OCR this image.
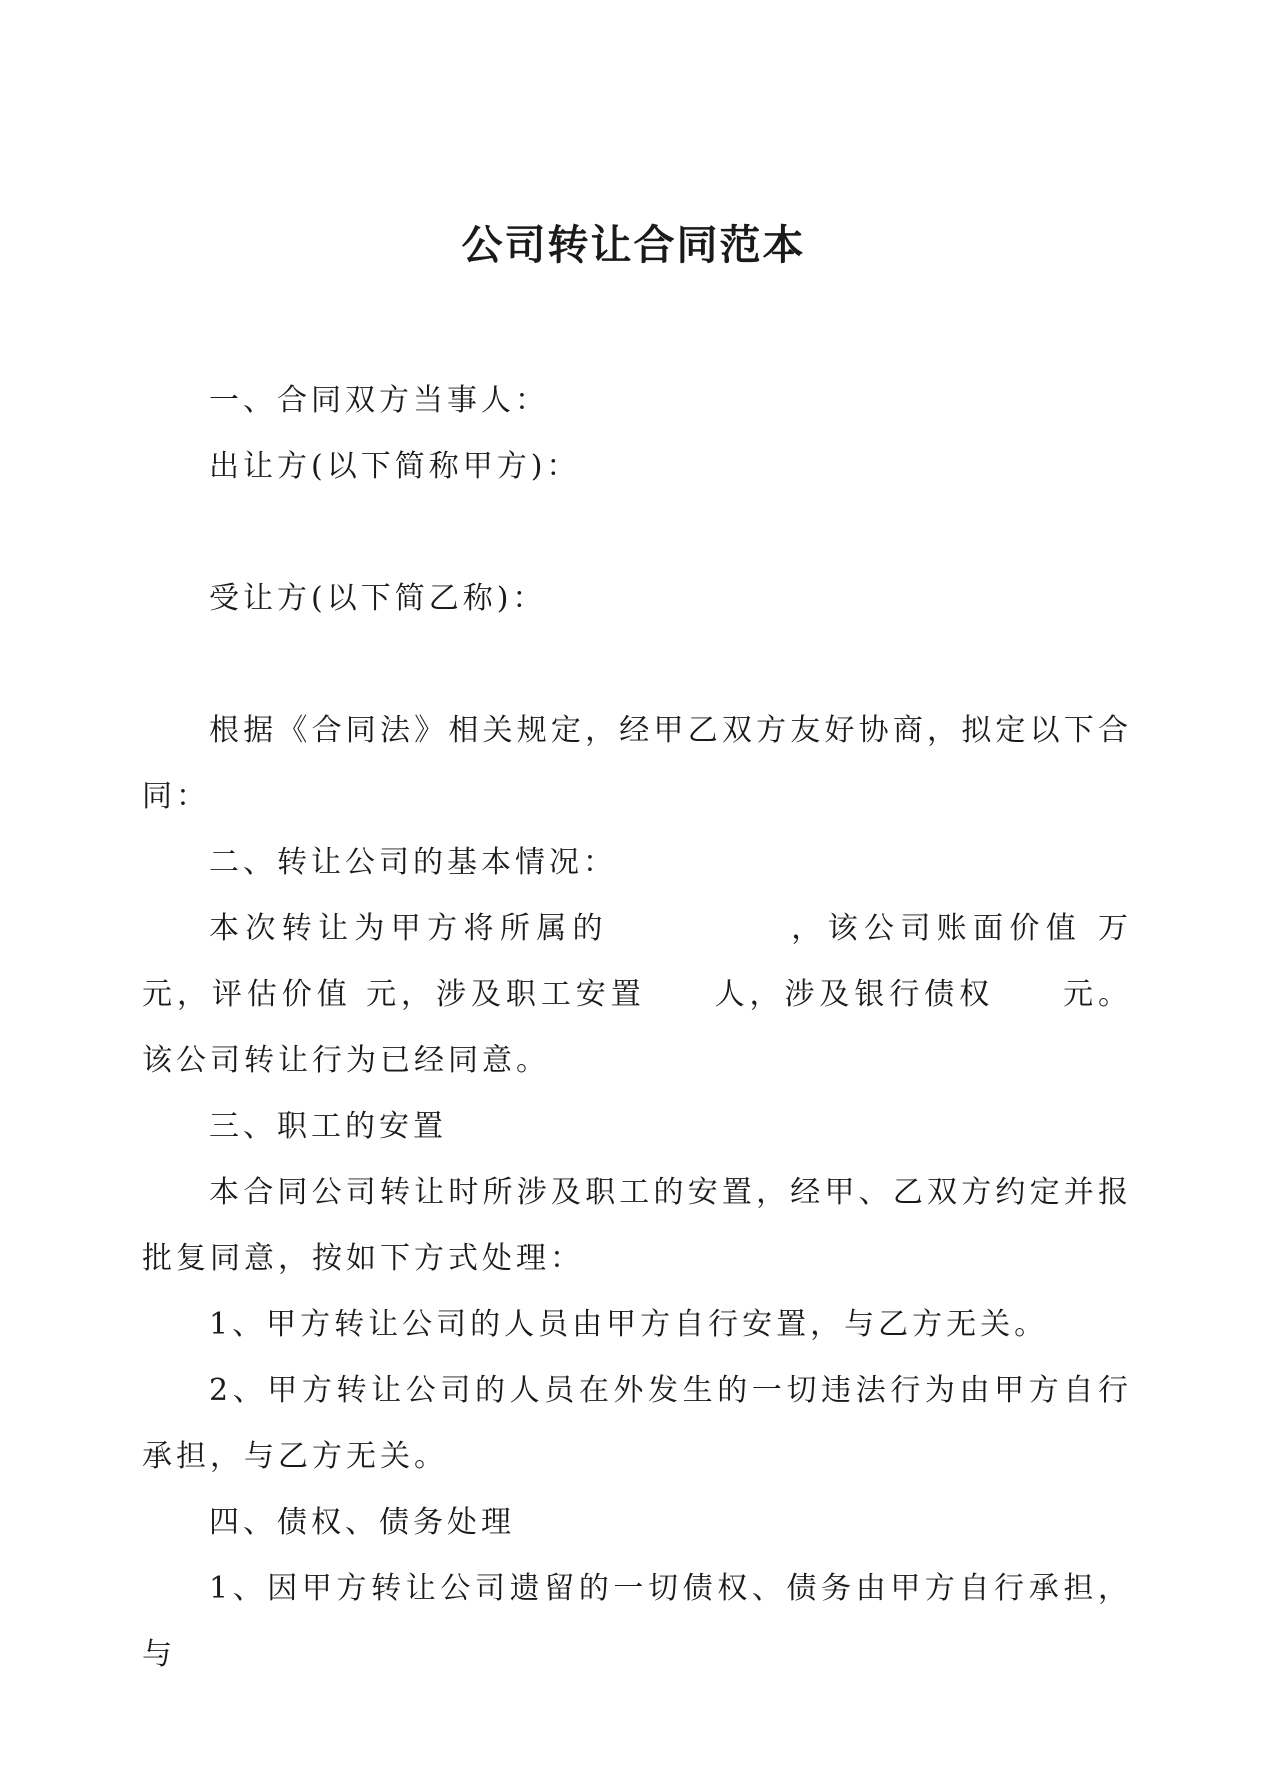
公司转让合同范本

一、合同双方当事人：

出让方(以下简称甲方)：

受让方(以下简乙称)：

根据《合同法》相关规定，经甲乙双方友好协商，拟定以下合同：

二、转让公司的基本情况：

本次转让为甲方将所属的	，该公司账面价值 万元，评估价值 元，涉及职工安置 人，涉及银行债权 元。该公司转让行为已经同意。

三、职工的安置

本合同公司转让时所涉及职工的安置，经甲、乙双方约定并报批复同意，按如下方式处理：

1、甲方转让公司的人员由甲方自行安置，与乙方无关。

2、甲方转让公司的人员在外发生的一切违法行为由甲方自行承担，与乙方无关。

四、债权、债务处理

1、因甲方转让公司遗留的一切债权、债务由甲方自行承担，与
